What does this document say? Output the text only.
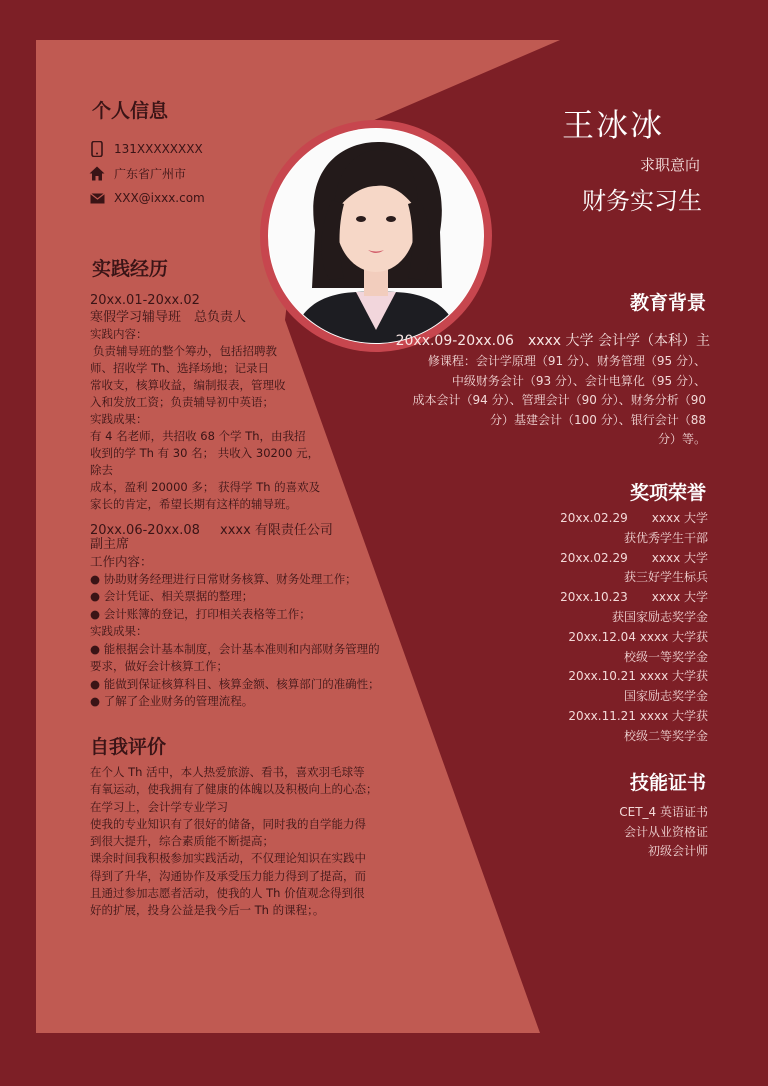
个人信息
131XXXXXXXX
广东省广州市
XXX@ixxx.com
实践经历
20xx.01-20xx.02
寒假学习辅导班　总负责人
实践内容：
负责辅导班的整个筹办，包括招聘教
师、招收学 Th、选择场地；记录日
常收支，核算收益，编制报表，管理收
入和发放工资；负责辅导初中英语；
实践成果：
有 4 名老师，共招收 68 个学 Th，由我招
收到的学 Th 有 30 名； 共收入 30200 元，
除去
成本，盈利 20000 多； 获得学 Th 的喜欢及
家长的肯定，希望长期有这样的辅导班。
20xx.06-20xx.08 xxxx 有限责任公司
副主席
工作内容：
● 协助财务经理进行日常财务核算、财务处理工作；
● 会计凭证、相关票据的整理；
● 会计账簿的登记，打印相关表格等工作；
实践成果：
● 能根据会计基本制度，会计基本准则和内部财务管理的
要求，做好会计核算工作；
● 能做到保证核算科目、核算金额、核算部门的准确性；
● 了解了企业财务的管理流程。
自我评价
在个人 Th 活中，本人热爱旅游、看书，喜欢羽毛球等
有氧运动，使我拥有了健康的体魄以及积极向上的心态；
在学习上，会计学专业学习
使我的专业知识有了很好的储备，同时我的自学能力得
到很大提升，综合素质能不断提高；
课余时间我积极参加实践活动，不仅理论知识在实践中
得到了升华，沟通协作及承受压力能力得到了提高，而
且通过参加志愿者活动，使我的人 Th 价值观念得到很
好的扩展，投身公益是我今后一 Th 的课程；。
王冰冰
求职意向
财务实习生
教育背景
20xx.09-20xx.06　xxxx 大学 会计学（本科）主
修课程：会计学原理（91 分）、财务管理（95 分）、
中级财务会计（93 分）、会计电算化（95 分）、
成本会计（94 分）、管理会计（90 分）、财务分析（90
分）基建会计（100 分）、银行会计（88
分）等。
奖项荣誉
20xx.02.29　　xxxx 大学
获优秀学生干部
20xx.02.29　　xxxx 大学
获三好学生标兵
20xx.10.23　　xxxx 大学
获国家励志奖学金
20xx.12.04 xxxx 大学获
校级一等奖学金
20xx.10.21 xxxx 大学获
国家励志奖学金
20xx.11.21 xxxx 大学获
校级二等奖学金
技能证书
CET_4 英语证书
会计从业资格证
初级会计师
